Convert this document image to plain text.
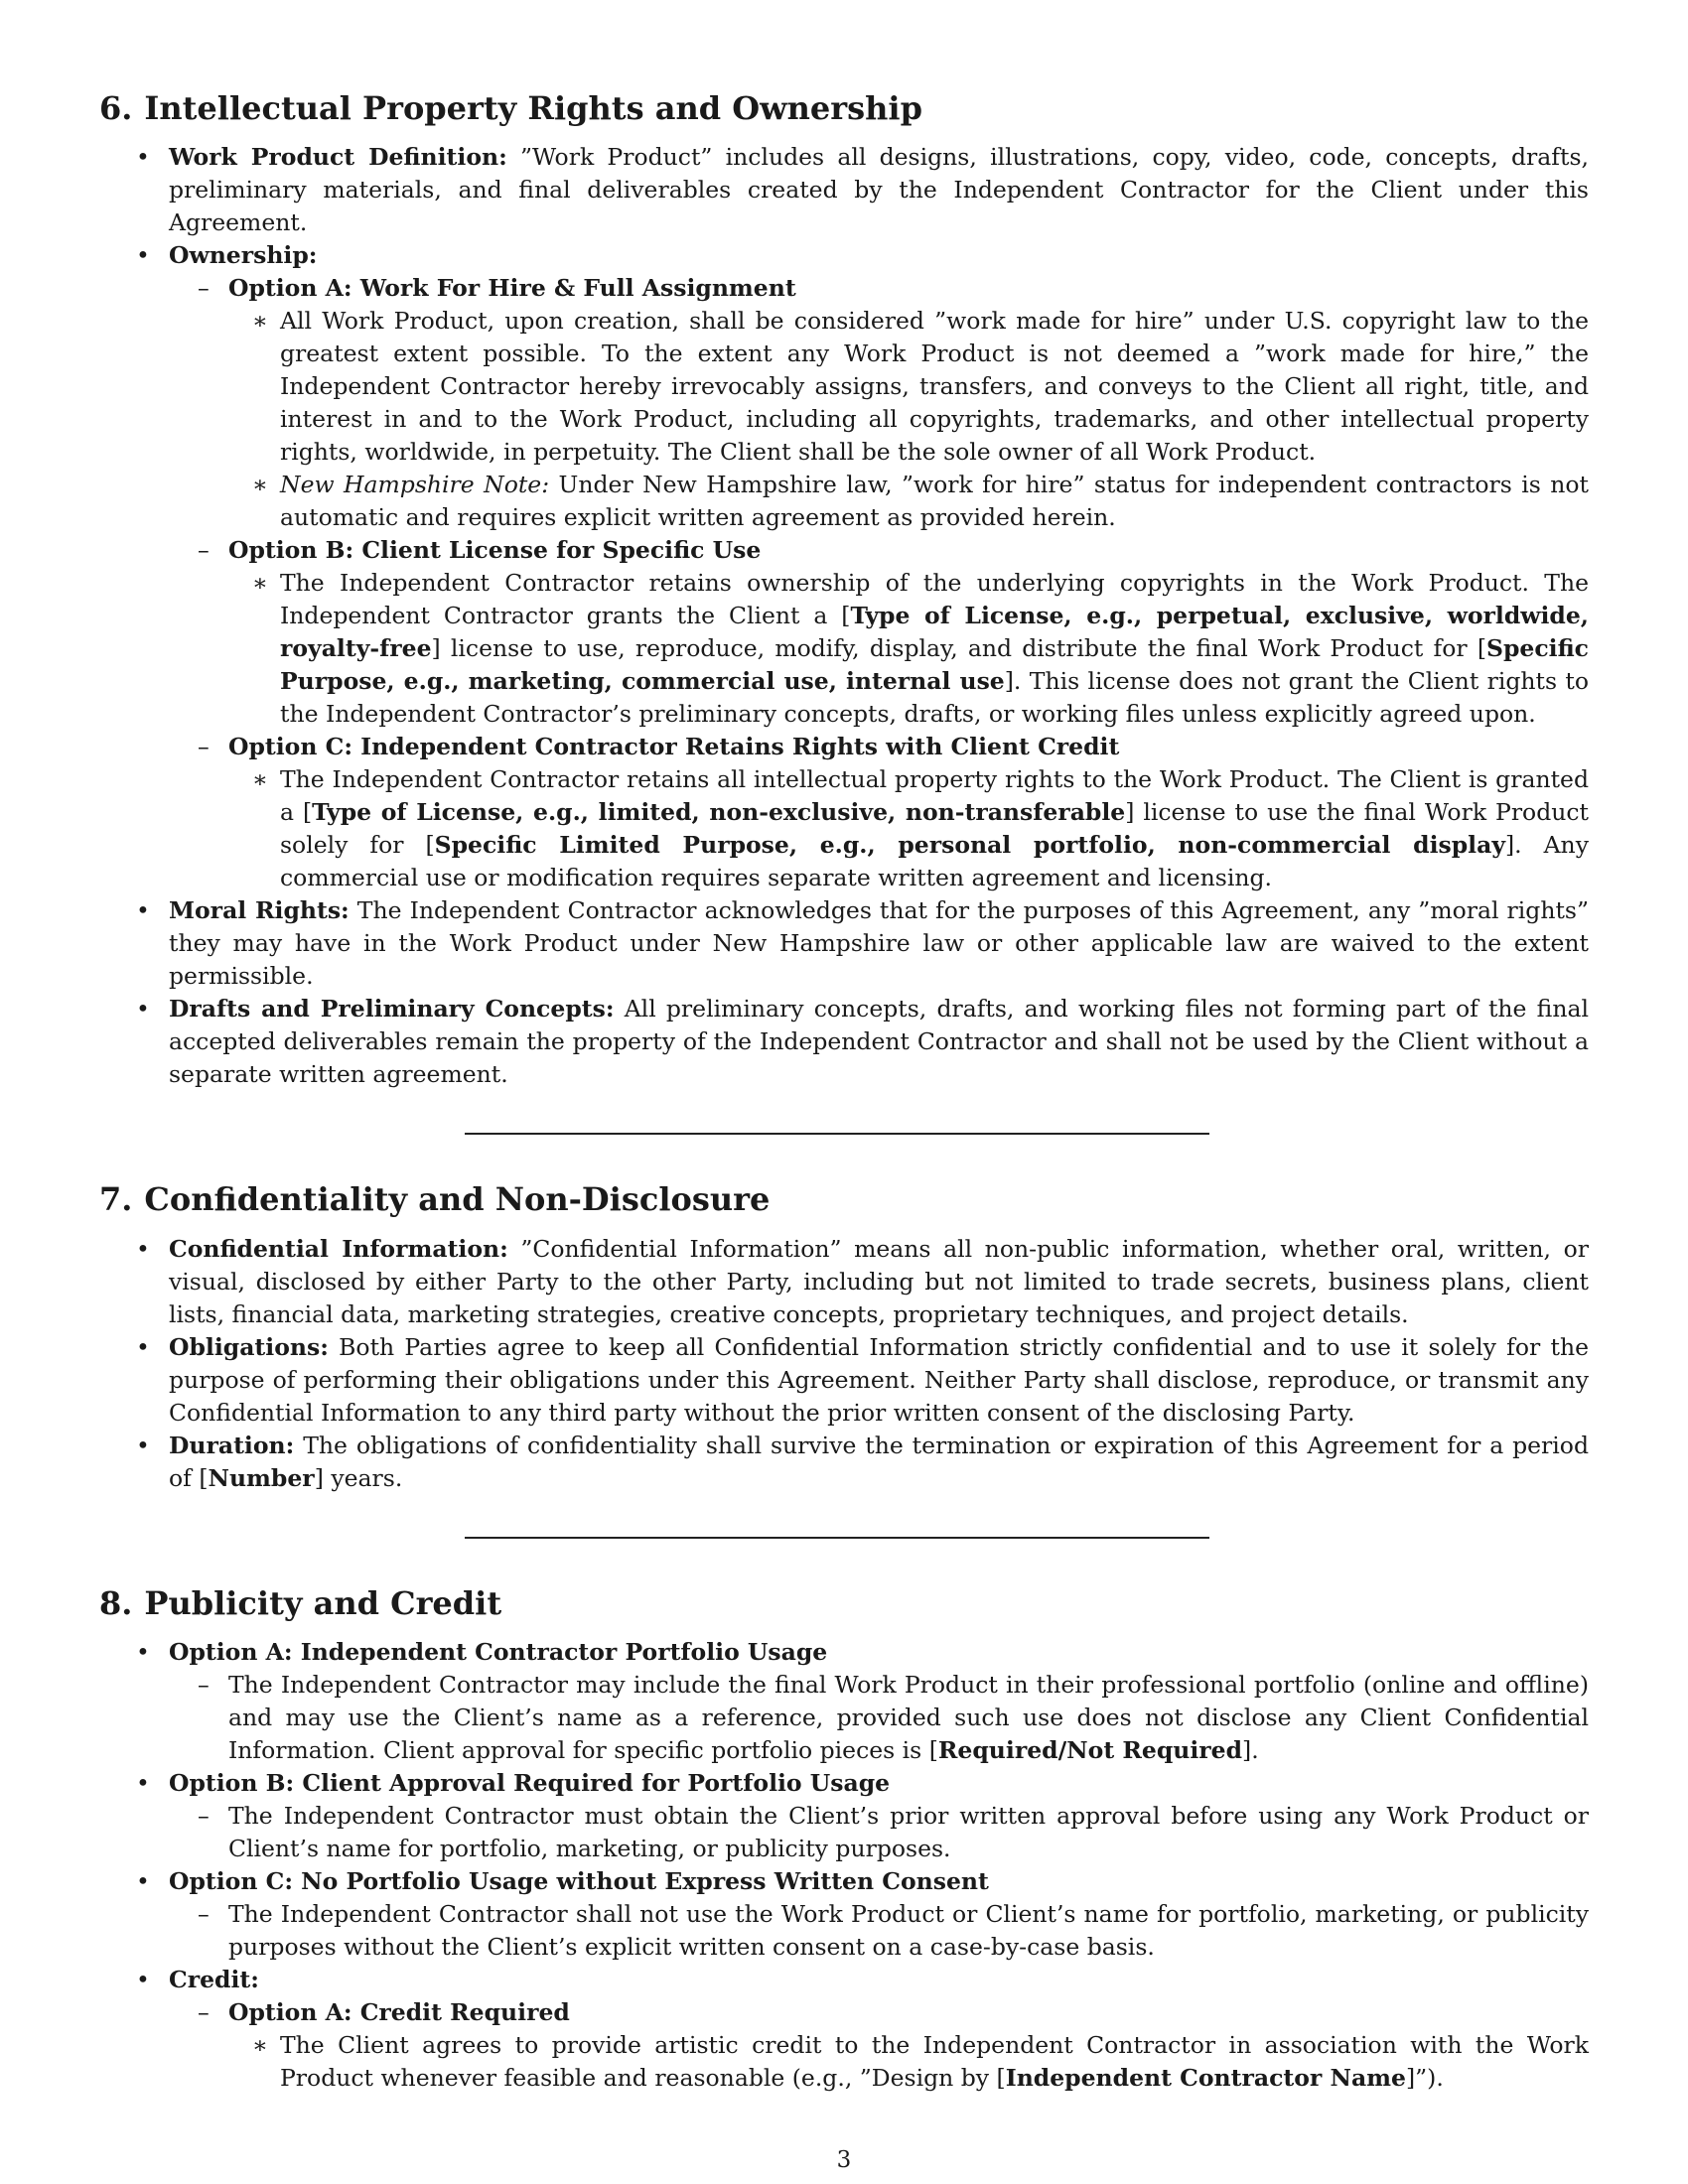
6. Intellectual Property Rights and Ownership
• Work Product Definition: ”Work Product” includes all designs, illustrations, copy, video, code, concepts, drafts, preliminary materials, and final deliverables created by the Independent Contractor for the Client under this Agreement.
• Ownership:
– Option A: Work For Hire & Full Assignment
∗ All Work Product, upon creation, shall be considered ”work made for hire” under U.S. copyright law to the greatest extent possible. To the extent any Work Product is not deemed a ”work made for hire,” the Independent Contractor hereby irrevocably assigns, transfers, and conveys to the Client all right, title, and interest in and to the Work Product, including all copyrights, trademarks, and other intellectual property rights, worldwide, in perpetuity. The Client shall be the sole owner of all Work Product.
∗ New Hampshire Note: Under New Hampshire law, ”work for hire” status for independent contractors is not automatic and requires explicit written agreement as provided herein.
– Option B: Client License for Specific Use
∗ The Independent Contractor retains ownership of the underlying copyrights in the Work Product. The Independent Contractor grants the Client a [Type of License, e.g., perpetual, exclusive, worldwide, royalty-free] license to use, reproduce, modify, display, and distribute the final Work Product for [Specific Purpose, e.g., marketing, commercial use, internal use]. This license does not grant the Client rights to the Independent Contractor’s preliminary concepts, drafts, or working files unless explicitly agreed upon.
– Option C: Independent Contractor Retains Rights with Client Credit
∗ The Independent Contractor retains all intellectual property rights to the Work Product. The Client is granted a [Type of License, e.g., limited, non-exclusive, non-transferable] license to use the final Work Product solely for [Specific Limited Purpose, e.g., personal portfolio, non-commercial display]. Any commercial use or modification requires separate written agreement and licensing.
• Moral Rights: The Independent Contractor acknowledges that for the purposes of this Agreement, any ”moral rights” they may have in the Work Product under New Hampshire law or other applicable law are waived to the extent permissible.
• Drafts and Preliminary Concepts: All preliminary concepts, drafts, and working files not forming part of the final accepted deliverables remain the property of the Independent Contractor and shall not be used by the Client without a separate written agreement.
7. Confidentiality and Non-Disclosure
• Confidential Information: ”Confidential Information” means all non-public information, whether oral, written, or visual, disclosed by either Party to the other Party, including but not limited to trade secrets, business plans, client lists, financial data, marketing strategies, creative concepts, proprietary techniques, and project details.
• Obligations: Both Parties agree to keep all Confidential Information strictly confidential and to use it solely for the purpose of performing their obligations under this Agreement. Neither Party shall disclose, reproduce, or transmit any Confidential Information to any third party without the prior written consent of the disclosing Party.
• Duration: The obligations of confidentiality shall survive the termination or expiration of this Agreement for a period of [Number] years.
8. Publicity and Credit
• Option A: Independent Contractor Portfolio Usage
– The Independent Contractor may include the final Work Product in their professional portfolio (online and offline) and may use the Client’s name as a reference, provided such use does not disclose any Client Confidential Information. Client approval for specific portfolio pieces is [Required/Not Required].
• Option B: Client Approval Required for Portfolio Usage
– The Independent Contractor must obtain the Client’s prior written approval before using any Work Product or Client’s name for portfolio, marketing, or publicity purposes.
• Option C: No Portfolio Usage without Express Written Consent
– The Independent Contractor shall not use the Work Product or Client’s name for portfolio, marketing, or publicity purposes without the Client’s explicit written consent on a case-by-case basis.
• Credit:
– Option A: Credit Required
∗ The Client agrees to provide artistic credit to the Independent Contractor in association with the Work Product whenever feasible and reasonable (e.g., ”Design by [Independent Contractor Name]”).
3
